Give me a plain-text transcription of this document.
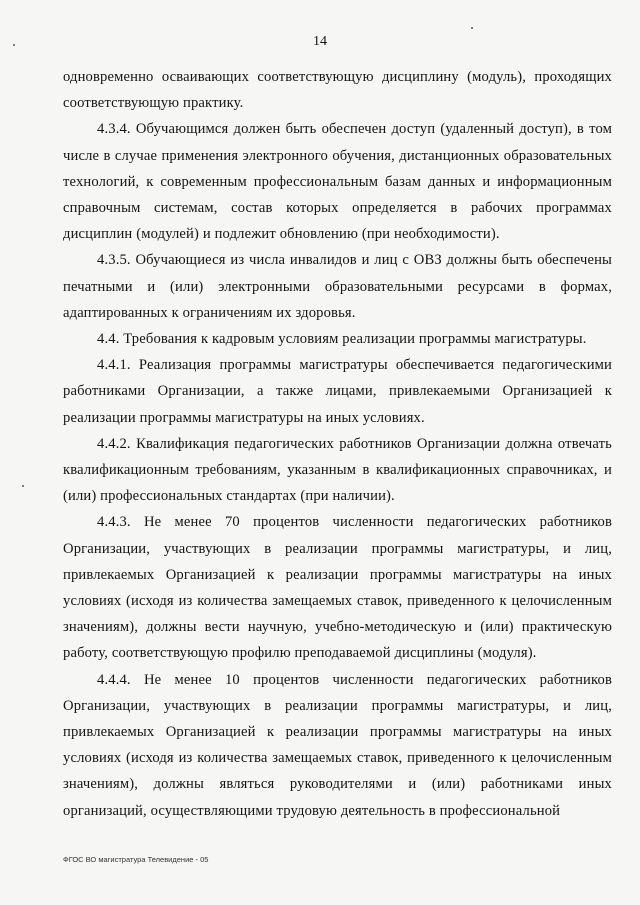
14

одновременно осваивающих соответствующую дисциплину (модуль), проходящих соответствующую практику.

4.3.4. Обучающимся должен быть обеспечен доступ (удаленный доступ), в том числе в случае применения электронного обучения, дистанционных образовательных технологий, к современным профессиональным базам данных и информационным справочным системам, состав которых определяется в рабочих программах дисциплин (модулей) и подлежит обновлению (при необходимости).

4.3.5. Обучающиеся из числа инвалидов и лиц с ОВЗ должны быть обеспечены печатными и (или) электронными образовательными ресурсами в формах, адаптированных к ограничениям их здоровья.

4.4. Требования к кадровым условиям реализации программы магистратуры.

4.4.1. Реализация программы магистратуры обеспечивается педагогическими работниками Организации, а также лицами, привлекаемыми Организацией к реализации программы магистратуры на иных условиях.

4.4.2. Квалификация педагогических работников Организации должна отвечать квалификационным требованиям, указанным в квалификационных справочниках, и (или) профессиональных стандартах (при наличии).

4.4.3. Не менее 70 процентов численности педагогических работников Организации, участвующих в реализации программы магистратуры, и лиц, привлекаемых Организацией к реализации программы магистратуры на иных условиях (исходя из количества замещаемых ставок, приведенного к целочисленным значениям), должны вести научную, учебно-методическую и (или) практическую работу, соответствующую профилю преподаваемой дисциплины (модуля).

4.4.4. Не менее 10 процентов численности педагогических работников Организации, участвующих в реализации программы магистратуры, и лиц, привлекаемых Организацией к реализации программы магистратуры на иных условиях (исходя из количества замещаемых ставок, приведенного к целочисленным значениям), должны являться руководителями и (или) работниками иных организаций, осуществляющими трудовую деятельность в профессиональной

ФГОС ВО магистратура Телевидение - 05
